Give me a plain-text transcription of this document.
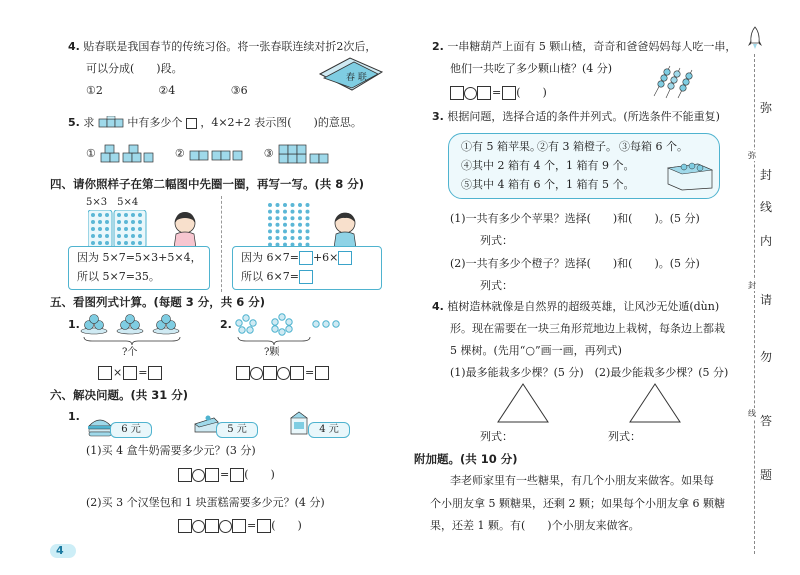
4. 贴春联是我国春节的传统习俗。将一张春联连续对折2次后，
可以分成(　　)段。
①2	②4	③6
春 联
5. 求	中有多少个 ，4×2+2 表示图(　　)的意思。
①	②	③
四、请你照样子在第二幅图中先圈一圈，再写一写。(共 8 分)
5×3　5×4
因为 5×7=5×3+5×4，
所以 5×7=35。
因为 6×7= +6×
所以 6×7=
五、看图列式计算。(每题 3 分，共 6 分)
1.
?个
× =
2.
?颗
=
六、解决问题。(共 31 分)
1.
6 元	5 元	4 元
(1)买 4 盒牛奶需要多少元？(3 分)
= (　　)
(2)买 3 个汉堡包和 1 块蛋糕需要多少元？(4 分)
= (　　)
4
2. 一串糖葫芦上面有 5 颗山楂，奇奇和爸爸妈妈每人吃一串，
他们一共吃了多少颗山楂？(4 分)
= (　　)
3. 根据问题，选择合适的条件并列式。(所选条件不能重复)
①有 5 箱苹果。
②有 3 箱橙子。 ③每箱 6 个。
④其中 2 箱有 4 个，1 箱有 9 个。
⑤其中 4 箱有 6 个，1 箱有 5 个。
(1)一共有多少个苹果？选择(　　)和(　　)。(5 分)
列式：
(2)一共有多少个橙子？选择(　　)和(　　)。(5 分)
列式：
4. 植树造林就像是自然界的超级英雄，让风沙无处遁(dùn)
形。现在需要在一块三角形荒地边上栽树，每条边上都栽
5 棵树。(先用“○”画一画，再列式)
(1)最多能栽多少棵？(5 分)　(2)最少能栽多少棵？(5 分)
列式：	列式：
附加题。(共 10 分)
李老师家里有一些糖果，有几个小朋友来做客。如果每
个小朋友拿 5 颗糖果，还剩 2 颗；如果每个小朋友拿 6 颗糖
果，还差 1 颗。有(　　)个小朋友来做客。
弥
封
线
内
请
勿
答
题
弥
封
线
